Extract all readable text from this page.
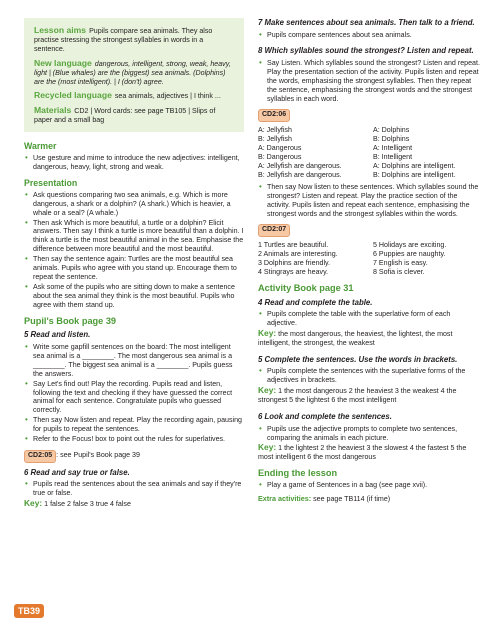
Lesson aims Pupils compare sea animals. They also practise stressing the strongest syllables in words in a sentence.

New language dangerous, intelligent, strong, weak, heavy, light | (Blue whales) are the (biggest) sea animals. (Dolphins) are the (most intelligent). | I (don't) agree.

Recycled language sea animals, adjectives | I think ...

Materials CD2 | Word cards: see page TB105 | Slips of paper and a small bag

Warmer
• Use gesture and mime to introduce the new adjectives: intelligent, dangerous, heavy, light, strong and weak.
Presentation
• Ask questions comparing two sea animals, e.g. Which is more dangerous, a shark or a dolphin? (A shark.) Which is heavier, a whale or a seal? (A whale.)
• Then ask Which is more beautiful, a turtle or a dolphin? Elicit answers. Then say I think a turtle is more beautiful than a dolphin. I think a turtle is the most beautiful animal in the sea. Emphasise the difference between more beautiful and the most beautiful.
• Then say the sentence again: Turtles are the most beautiful sea animals. Pupils who agree with you stand up. Encourage them to repeat the sentence.
• Ask some of the pupils who are sitting down to make a sentence about the sea animal they think is the most beautiful. Pupils who agree with them stand up.
Pupil's Book page 39
5 Read and listen.
• Write some gapfill sentences on the board: The most intelligent sea animal is a ________. The most dangerous sea animal is a ________. The biggest sea animal is a ________. Pupils guess the answers.
• Say Let's find out! Play the recording. Pupils read and listen, following the text and checking if they have guessed the correct animal for each sentence. Congratulate pupils who guessed correctly.
• Then say Now listen and repeat. Play the recording again, pausing for pupils to repeat the sentences.
• Refer to the Focus! box to point out the rules for superlatives.
CD2:05 : see Pupil's Book page 39
6 Read and say true or false.
• Pupils read the sentences about the sea animals and say if they're true or false.
Key: 1 false 2 false 3 true 4 false
7 Make sentences about sea animals. Then talk to a friend.
• Pupils compare sentences about sea animals.
8 Which syllables sound the strongest? Listen and repeat.
• Say Listen. Which syllables sound the strongest? Listen and repeat. Play the presentation section of the activity. Pupils listen and repeat the words, emphasising the strongest syllables. Then they repeat the sentence, emphasising the strongest words and the strongest syllables in each word.
CD2:06
A: Jellyfish	A: Dolphins
B: Jellyfish	B: Dolphins
A: Dangerous	A: Intelligent
B: Dangerous	B: Intelligent
A: Jellyfish are dangerous.	A: Dolphins are intelligent.
B: Jellyfish are dangerous.	B: Dolphins are intelligent.
• Then say Now listen to these sentences. Which syllables sound the strongest? Listen and repeat. Play the practice section of the activity. Pupils listen and repeat each sentence, emphasising the strongest words and the strongest syllables within the words.
CD2:07
1 Turtles are beautiful.	5 Holidays are exciting.
2 Animals are interesting.	6 Puppies are naughty.
3 Dolphins are friendly.	7 English is easy.
4 Stingrays are heavy.	8 Sofia is clever.
Activity Book page 31
4 Read and complete the table.
• Pupils complete the table with the superlative form of each adjective.
Key: the most dangerous, the heaviest, the lightest, the most intelligent, the strongest, the weakest
5 Complete the sentences. Use the words in brackets.
• Pupils complete the sentences with the superlative forms of the adjectives in brackets.
Key: 1 the most dangerous 2 the heaviest 3 the weakest 4 the strongest 5 the lightest 6 the most intelligent
6 Look and complete the sentences.
• Pupils use the adjective prompts to complete two sentences, comparing the animals in each picture.
Key: 1 the lightest 2 the heaviest 3 the slowest 4 the fastest 5 the most intelligent 6 the most dangerous
Ending the lesson
• Play a game of Sentences in a bag (see page xvii).
Extra activities: see page TB114 (if time)
TB39
